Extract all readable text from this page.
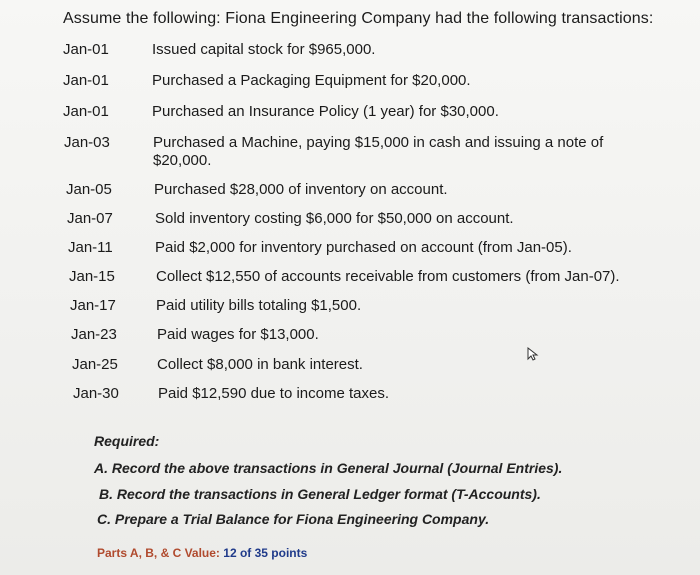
Assume the following: Fiona Engineering Company had the following transactions:
Jan-01	Issued capital stock for $965,000.
Jan-01	Purchased a Packaging Equipment for $20,000.
Jan-01	Purchased an Insurance Policy (1 year) for $30,000.
Jan-03	Purchased a Machine, paying $15,000 in cash and issuing a note of $20,000.
Jan-05	Purchased $28,000 of inventory on account.
Jan-07	Sold inventory costing $6,000 for $50,000 on account.
Jan-11	Paid $2,000 for inventory purchased on account (from Jan-05).
Jan-15	Collect $12,550 of accounts receivable from customers (from Jan-07).
Jan-17	Paid utility bills totaling $1,500.
Jan-23	Paid wages for $13,000.
Jan-25	Collect $8,000 in bank interest.
Jan-30	Paid $12,590 due to income taxes.
Required:
A. Record the above transactions in General Journal (Journal Entries).
B. Record the transactions in General Ledger format (T-Accounts).
C. Prepare a Trial Balance for Fiona Engineering Company.
Parts A, B, & C Value: 12 of 35 points
